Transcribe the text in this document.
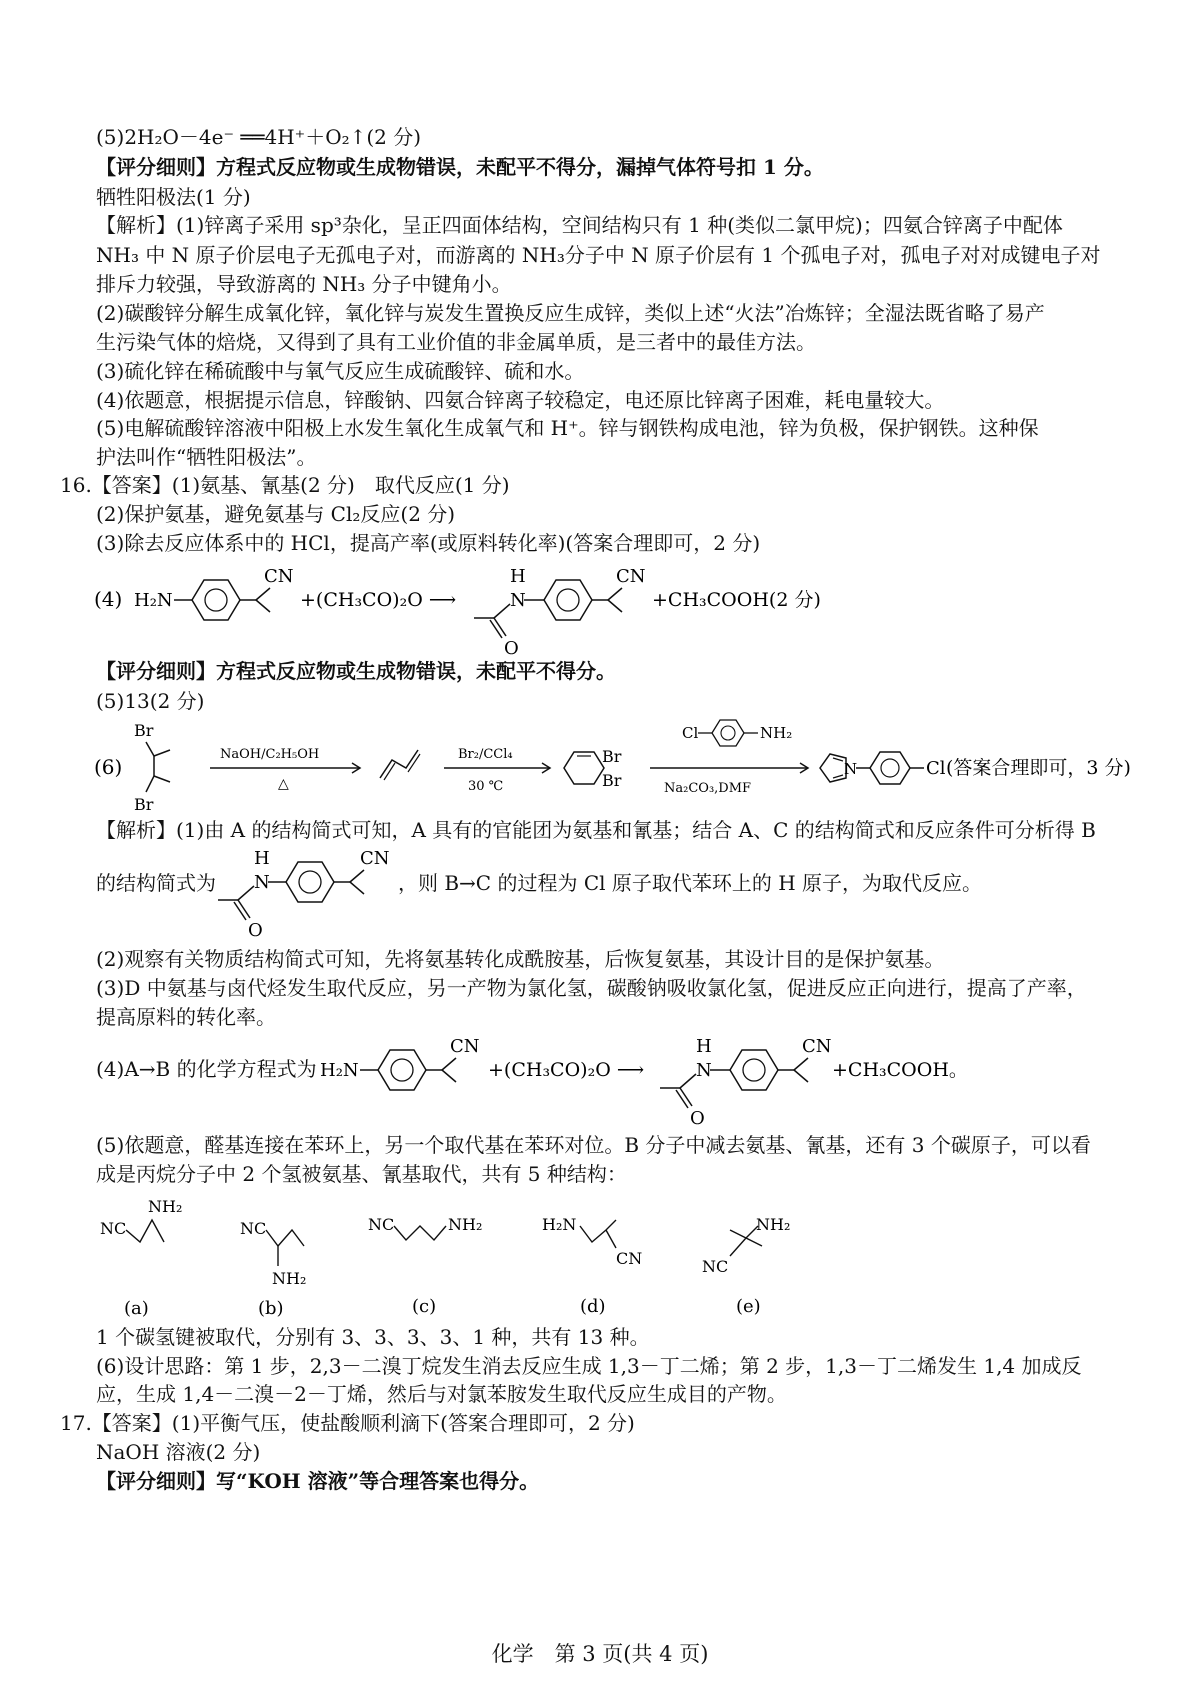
(5)2H₂O－4e⁻ ══4H⁺＋O₂↑(2 分)
【评分细则】方程式反应物或生成物错误，未配平不得分，漏掉气体符号扣 1 分。
牺牲阳极法(1 分)
【解析】(1)锌离子采用 sp³杂化，呈正四面体结构，空间结构只有 1 种(类似二氯甲烷)；四氨合锌离子中配体
NH₃ 中 N 原子价层电子无孤电子对，而游离的 NH₃分子中 N 原子价层有 1 个孤电子对，孤电子对对成键电子对
排斥力较强，导致游离的 NH₃ 分子中键角小。
(2)碳酸锌分解生成氧化锌，氧化锌与炭发生置换反应生成锌，类似上述“火法”冶炼锌；全湿法既省略了易产
生污染气体的焙烧，又得到了具有工业价值的非金属单质，是三者中的最佳方法。
(3)硫化锌在稀硫酸中与氧气反应生成硫酸锌、硫和水。
(4)依题意，根据提示信息，锌酸钠、四氨合锌离子较稳定，电还原比锌离子困难，耗电量较大。
(5)电解硫酸锌溶液中阳极上水发生氧化生成氧气和 H⁺。锌与钢铁构成电池，锌为负极，保护钢铁。这种保
护法叫作“牺牲阳极法”。
16.【答案】(1)氨基、氰基(2 分)　取代反应(1 分)
(2)保护氨基，避免氨基与 Cl₂反应(2 分)
(3)除去反应体系中的 HCl，提高产率(或原料转化率)(答案合理即可，2 分)
(4) H₂N
CN
+(CH₃CO)₂O ⟶
H
N
O
CN
+CH₃COOH(2 分)
【评分细则】方程式反应物或生成物错误，未配平不得分。
(5)13(2 分)
(6)
Br
Br
NaOH/C₂H₅OH
△
Br₂/CCl₄
30 ℃
Br
Br
Cl	NH₂
Na₂CO₃,DMF
N	Cl (答案合理即可，3 分)
【解析】(1)由 A 的结构简式可知，A 具有的官能团为氨基和氰基；结合 A、C 的结构简式和反应条件可分析得 B
的结构简式为
H
N
O
CN
，则 B→C 的过程为 Cl 原子取代苯环上的 H 原子，为取代反应。
(2)观察有关物质结构简式可知，先将氨基转化成酰胺基，后恢复氨基，其设计目的是保护氨基。
(3)D 中氨基与卤代烃发生取代反应，另一产物为氯化氢，碳酸钠吸收氯化氢，促进反应正向进行，提高了产率，
提高原料的转化率。
(4)A→B 的化学方程式为 H₂N
CN
+(CH₃CO)₂O ⟶
H
N
O
CN
+CH₃COOH。
(5)依题意，醛基连接在苯环上，另一个取代基在苯环对位。B 分子中减去氨基、氰基，还有 3 个碳原子，可以看
成是丙烷分子中 2 个氢被氨基、氰基取代，共有 5 种结构：
NC
NH₂
(a)
NC
NH₂
(b)
NC	NH₂
(c)
H₂N
CN
(d)
NH₂
NC
(e)
1 个碳氢键被取代，分别有 3、3、3、3、1 种，共有 13 种。
(6)设计思路：第 1 步，2,3－二溴丁烷发生消去反应生成 1,3－丁二烯；第 2 步，1,3－丁二烯发生 1,4 加成反
应，生成 1,4－二溴－2－丁烯，然后与对氯苯胺发生取代反应生成目的产物。
17.【答案】(1)平衡气压，使盐酸顺利滴下(答案合理即可，2 分)
NaOH 溶液(2 分)
【评分细则】写“KOH 溶液”等合理答案也得分。
化学　第 3 页(共 4 页)
